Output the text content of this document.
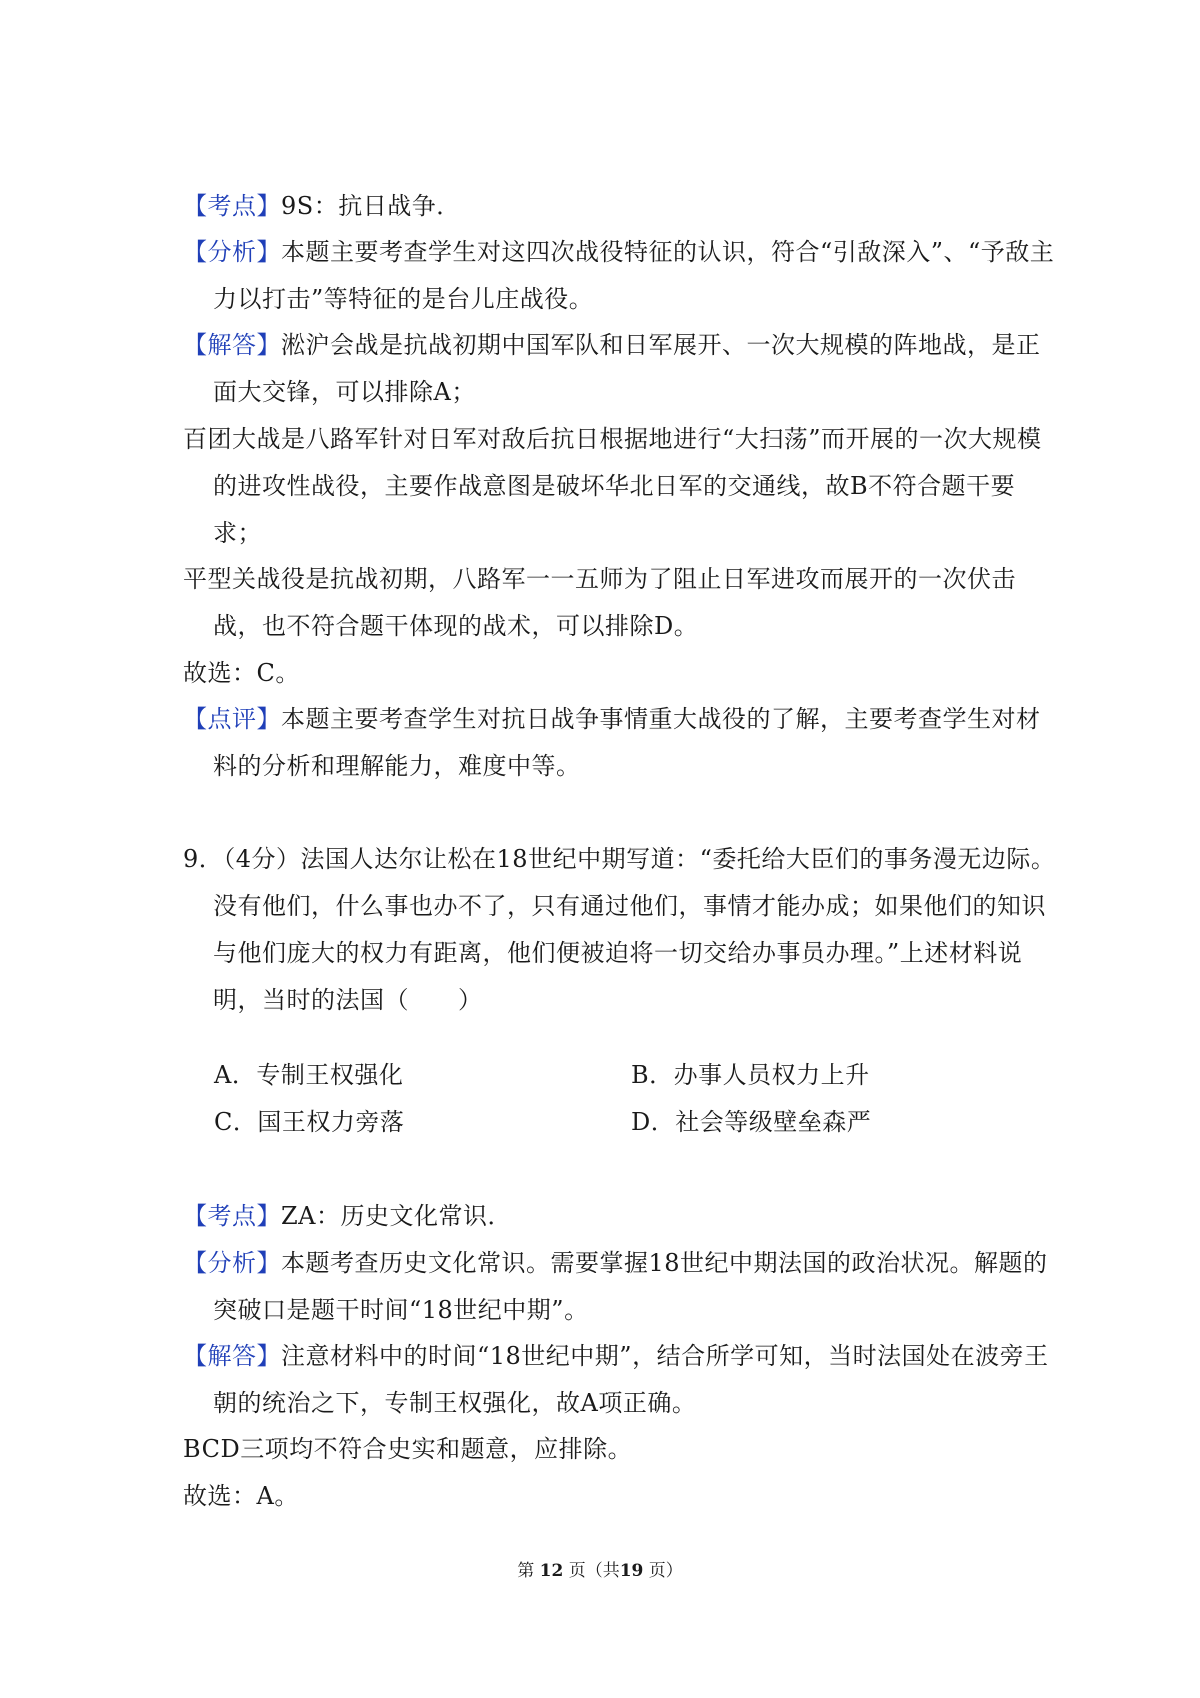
【考点】9S：抗日战争．

【分析】本题主要考查学生对这四次战役特征的认识，符合“引敌深入”、“予敌主力以打击”等特征的是台儿庄战役。

【解答】淞沪会战是抗战初期中国军队和日军展开、一次大规模的阵地战，是正面大交锋，可以排除A；

百团大战是八路军针对日军对敌后抗日根据地进行“大扫荡”而开展的一次大规模的进攻性战役，主要作战意图是破坏华北日军的交通线，故B不符合题干要求；

平型关战役是抗战初期，八路军一一五师为了阻止日军进攻而展开的一次伏击战，也不符合题干体现的战术，可以排除D。

故选：C。

【点评】本题主要考查学生对抗日战争事情重大战役的了解，主要考查学生对材料的分析和理解能力，难度中等。

9．（4分）法国人达尔让松在18世纪中期写道：“委托给大臣们的事务漫无边际。没有他们，什么事也办不了，只有通过他们，事情才能办成；如果他们的知识与他们庞大的权力有距离，他们便被迫将一切交给办事员办理。”上述材料说明，当时的法国（　　）

A．专制王权强化	B．办事人员权力上升
C．国王权力旁落	D．社会等级壁垒森严

【考点】ZA：历史文化常识．

【分析】本题考查历史文化常识。需要掌握18世纪中期法国的政治状况。解题的突破口是题干时间“18世纪中期”。

【解答】注意材料中的时间“18世纪中期”，结合所学可知，当时法国处在波旁王朝的统治之下，专制王权强化，故A项正确。

BCD三项均不符合史实和题意，应排除。

故选：A。

第 12 页（共19 页）
